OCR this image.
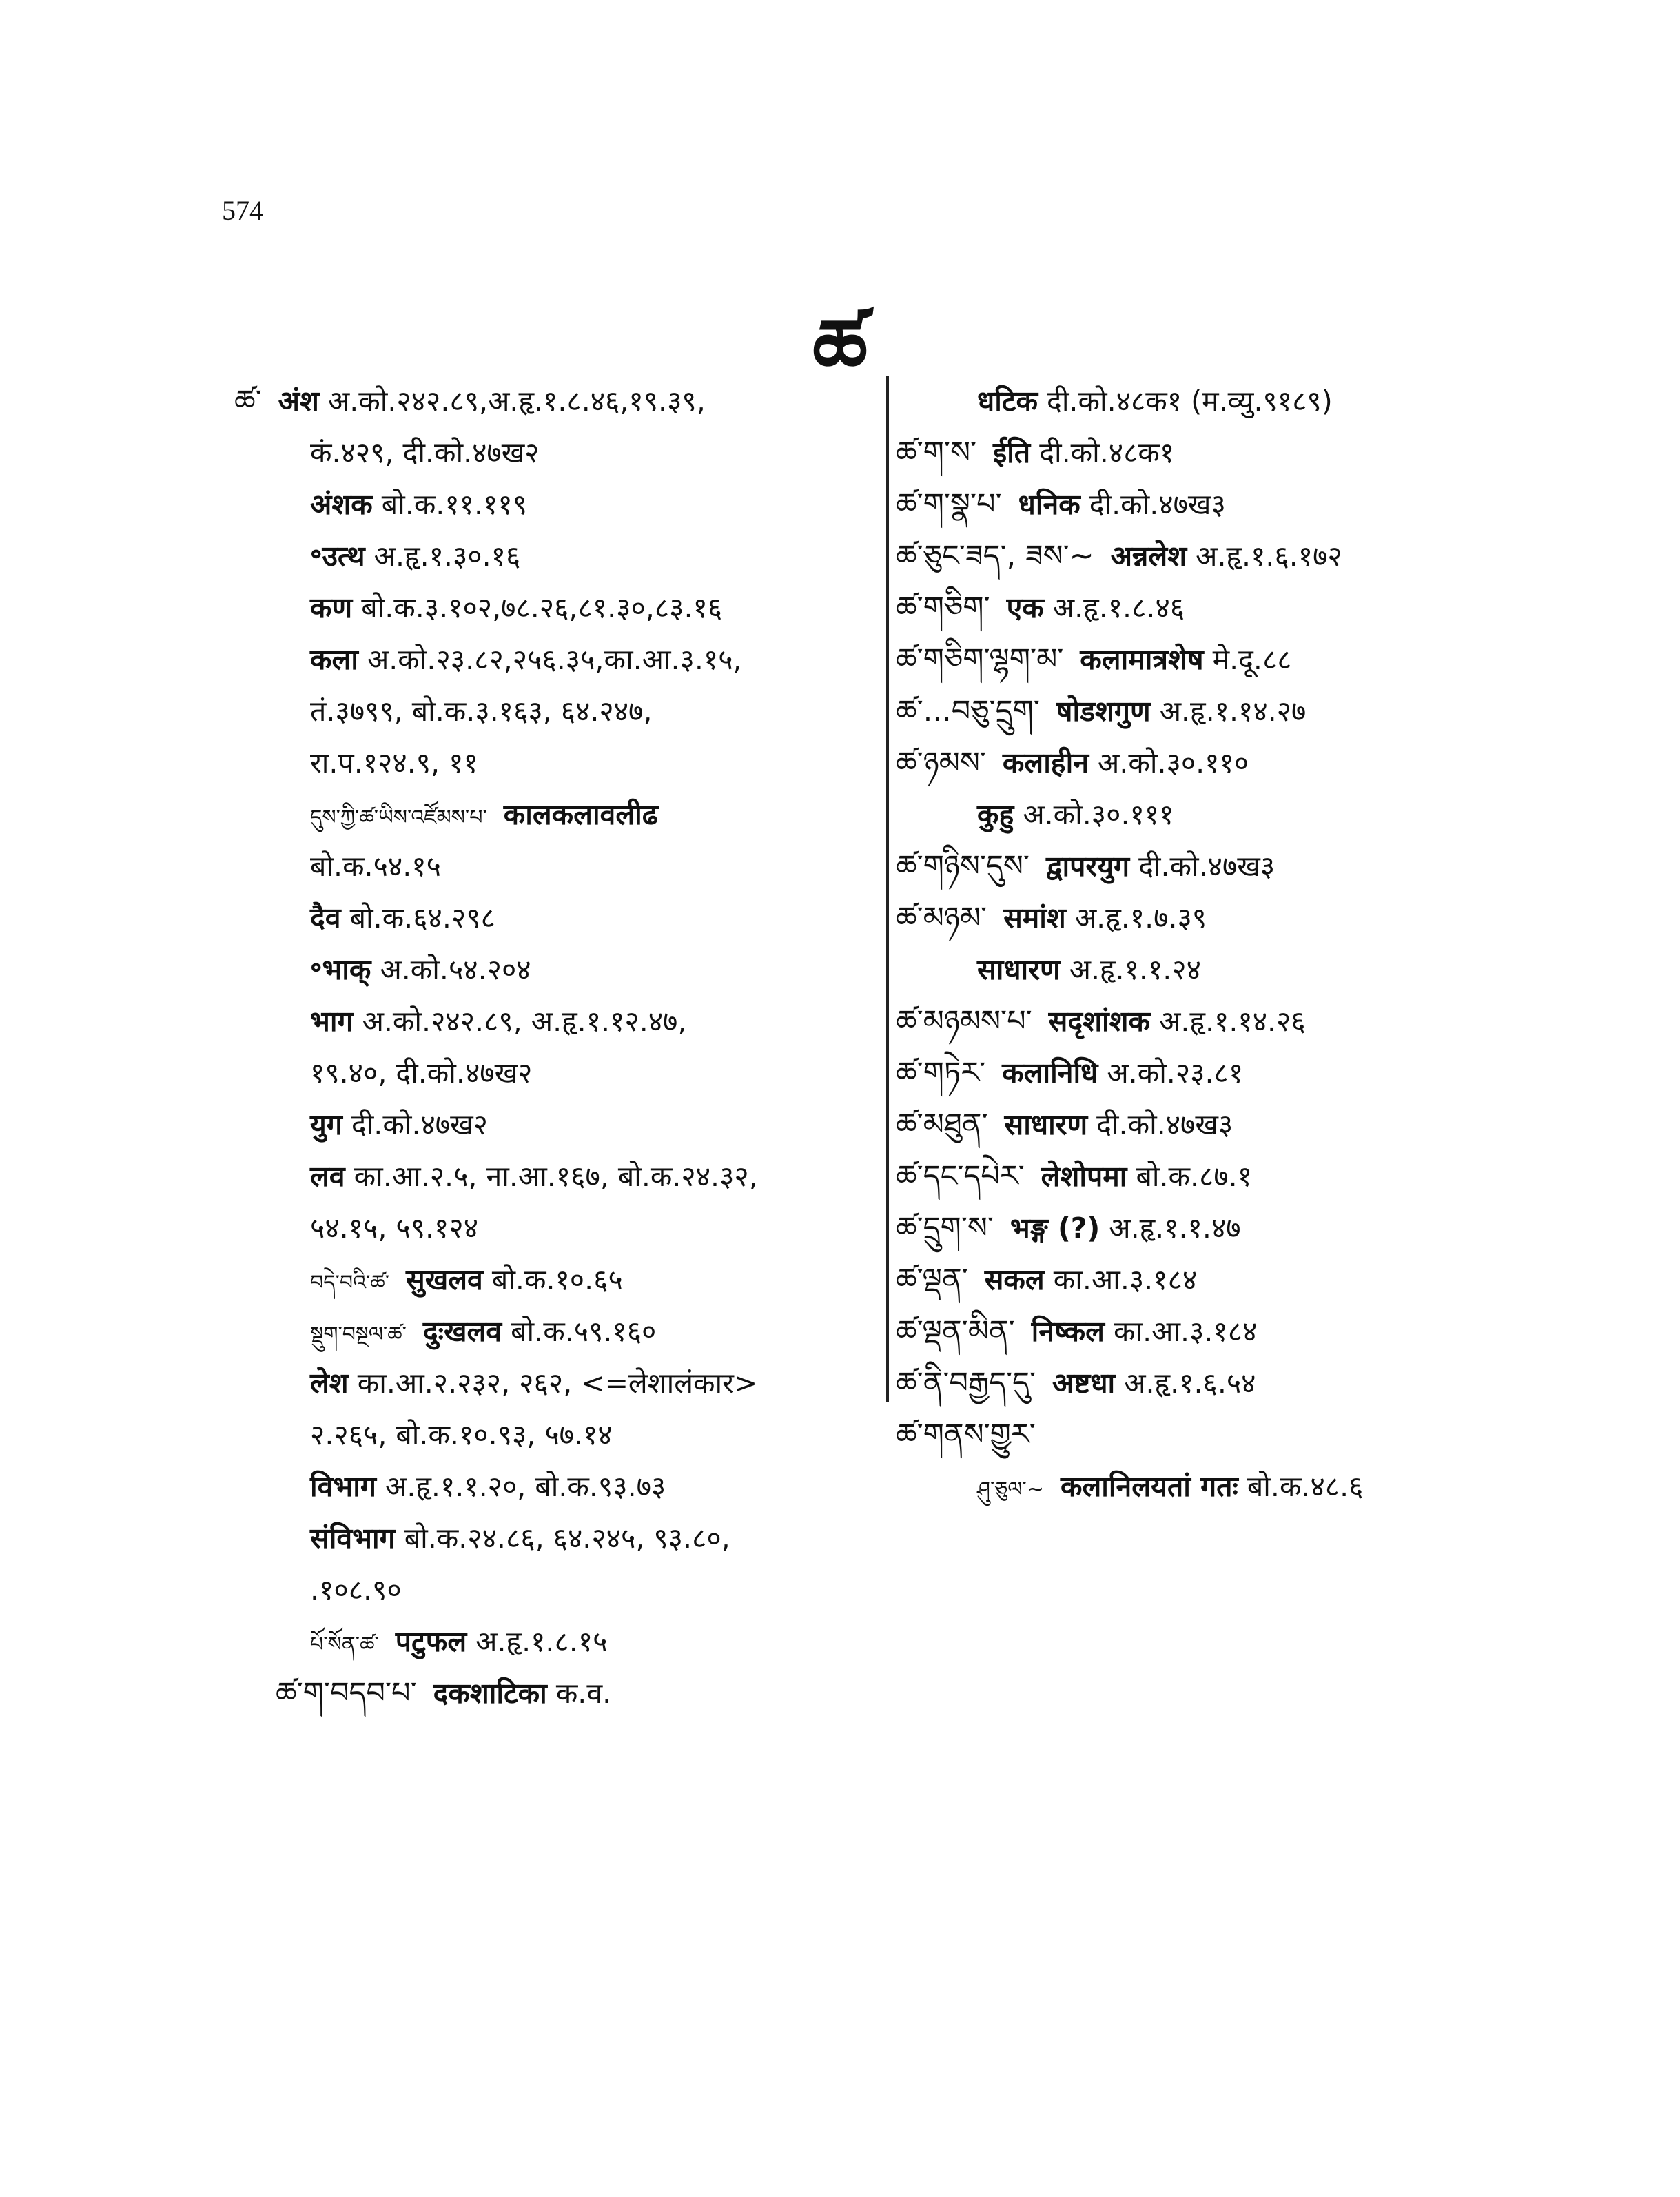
574
ཚ
ཚ་ अंश अ.को.२४२.८९,अ.हृ.१.८.४६,१९.३९,
कं.४२९, दी.को.४७ख२
अंशक बो.क.११.११९
॰उत्थ अ.हृ.१.३०.१६
कण बो.क.३.१०२,७८.२६,८१.३०,८३.१६
कला अ.को.२३.८२,२५६.३५,का.आ.३.१५,
तं.३७९९, बो.क.३.१६३, ६४.२४७,
रा.प.१२४.९, ११
དུས་ཀྱི་ཚ་ཡིས་འཛོམས་པ་ कालकलावलीढ
बो.क.५४.१५
दैव बो.क.६४.२९८
॰भाक् अ.को.५४.२०४
भाग अ.को.२४२.८९, अ.हृ.१.१२.४७,
१९.४०, दी.को.४७ख२
युग दी.को.४७ख२
लव का.आ.२.५, ना.आ.१६७, बो.क.२४.३२,
५४.१५, ५९.१२४
བདེ་བའི་ཚ་ सुखलव बो.क.१०.६५
སྡུག་བསྔལ་ཚ་ दुःखलव बो.क.५९.१६०
लेश का.आ.२.२३२, २६२, <=लेशालंकार>
२.२६५, बो.क.१०.९३, ५७.१४
विभाग अ.हृ.१.१.२०, बो.क.९३.७३
संविभाग बो.क.२४.८६, ६४.२४५, ९३.८०,
.१०८.९०
པོ་སོན་ཚ་ पटुफल अ.हृ.१.८.१५
ཚ་ག་བདབ་པ་ दकशाटिका क.व.
धटिक दी.को.४८क१ (म.व्यु.९१८९)
ཚ་ག་ས་ ईति दी.को.४८क१
ཚ་ག་སྣ་པ་ धनिक दी.को.४७ख३
ཚ་ཅུང་ཟད་, ཟས་~ अन्नलेश अ.हृ.१.६.१७२
ཚ་གཅིག་ एक अ.हृ.१.८.४६
ཚ་གཅིག་ལྷག་མ་ कलामात्रशेष मे.दू.८८
ཚ་...བཅུ་དྲུག་ षोडशगुण अ.हृ.१.१४.२७
ཚ་ཉམས་ कलाहीन अ.को.३०.११०
कुहु अ.को.३०.१११
ཚ་གཉིས་དུས་ द्वापरयुग दी.को.४७ख३
ཚ་མཉམ་ समांश अ.हृ.१.७.३९
साधारण अ.हृ.१.१.२४
ཚ་མཉམས་པ་ सदृशांशक अ.हृ.१.१४.२६
ཚ་གཏེར་ कलानिधि अ.को.२३.८१
ཚ་མཐུན་ साधारण दी.को.४७ख३
ཚ་དང་དཔེར་ लेशोपमा बो.क.८७.१
ཚ་དྲུག་ས་ भङ्ग (?) अ.हृ.१.१.४७
ཚ་ལྡན་ सकल का.आ.३.१८४
ཚ་ལྡན་མིན་ निष्कल का.आ.३.१८४
ཚ་ནི་བརྒྱད་དུ་ अष्टधा अ.हृ.१.६.५४
ཚ་གནས་གྱུར་
ཤུ་ཅུལ་~ कलानिलयतां गतः बो.क.४८.६
